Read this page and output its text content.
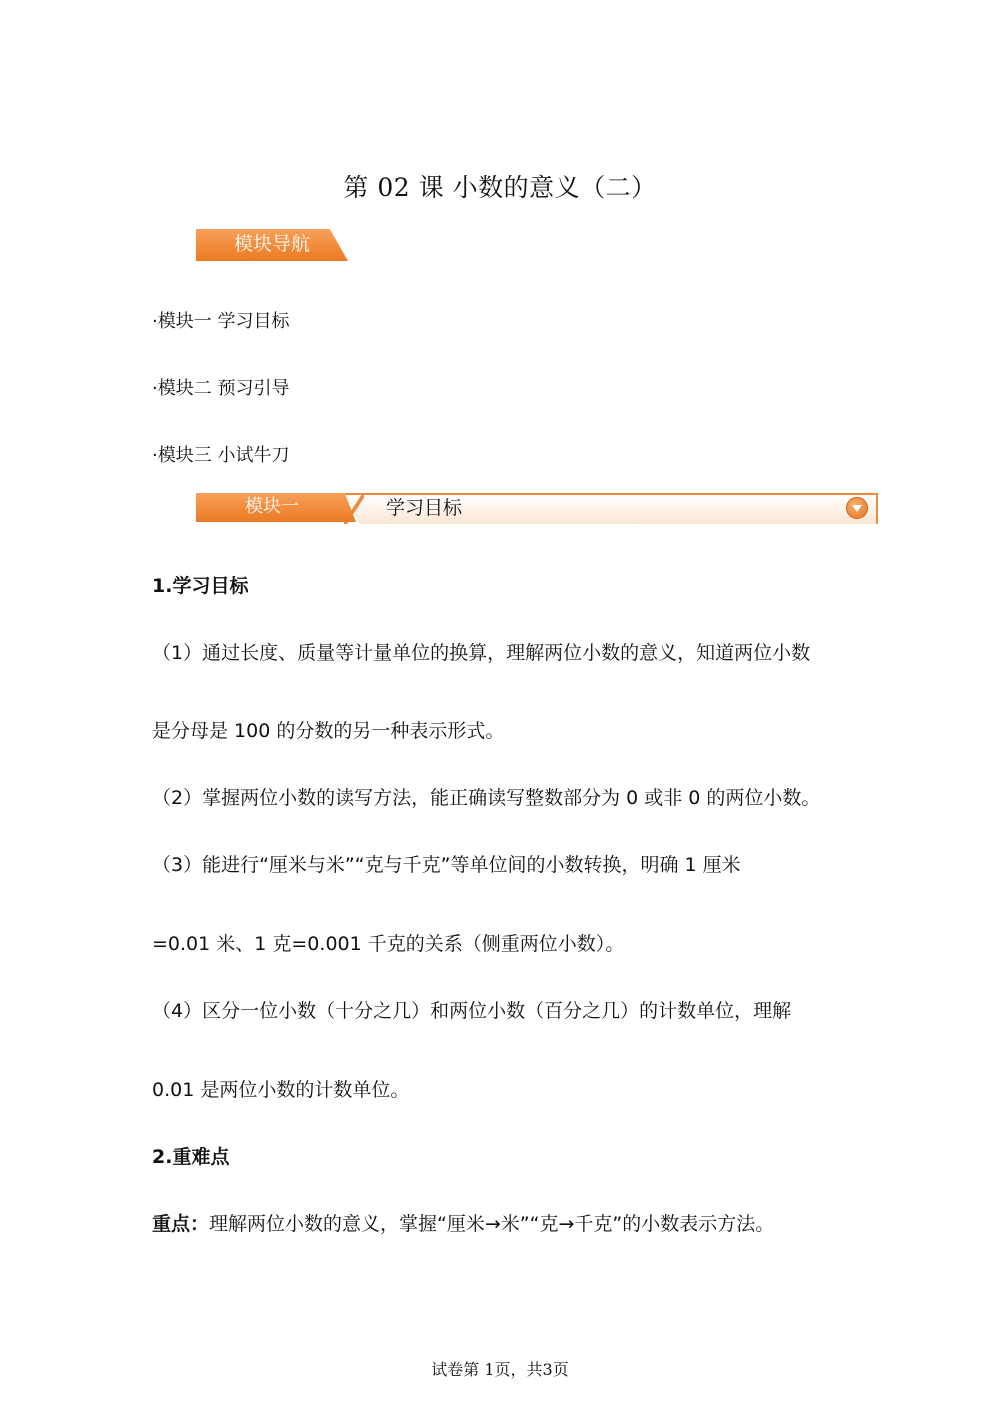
第 02 课 小数的意义（二）
模块导航
·模块一 学习目标
·模块二 预习引导
·模块三 小试牛刀
模块一	学习目标
1.学习目标
（1）通过长度、质量等计量单位的换算，理解两位小数的意义，知道两位小数
是分母是 100 的分数的另一种表示形式。
（2）掌握两位小数的读写方法，能正确读写整数部分为 0 或非 0 的两位小数。
（3）能进行“厘米与米”“克与千克”等单位间的小数转换，明确 1 厘米
=0.01 米、1 克=0.001 千克的关系（侧重两位小数）。
（4）区分一位小数（十分之几）和两位小数（百分之几）的计数单位，理解
0.01 是两位小数的计数单位。
2.重难点
重点：理解两位小数的意义，掌握“厘米→米”“克→千克”的小数表示方法。
试卷第 1页，共3页
